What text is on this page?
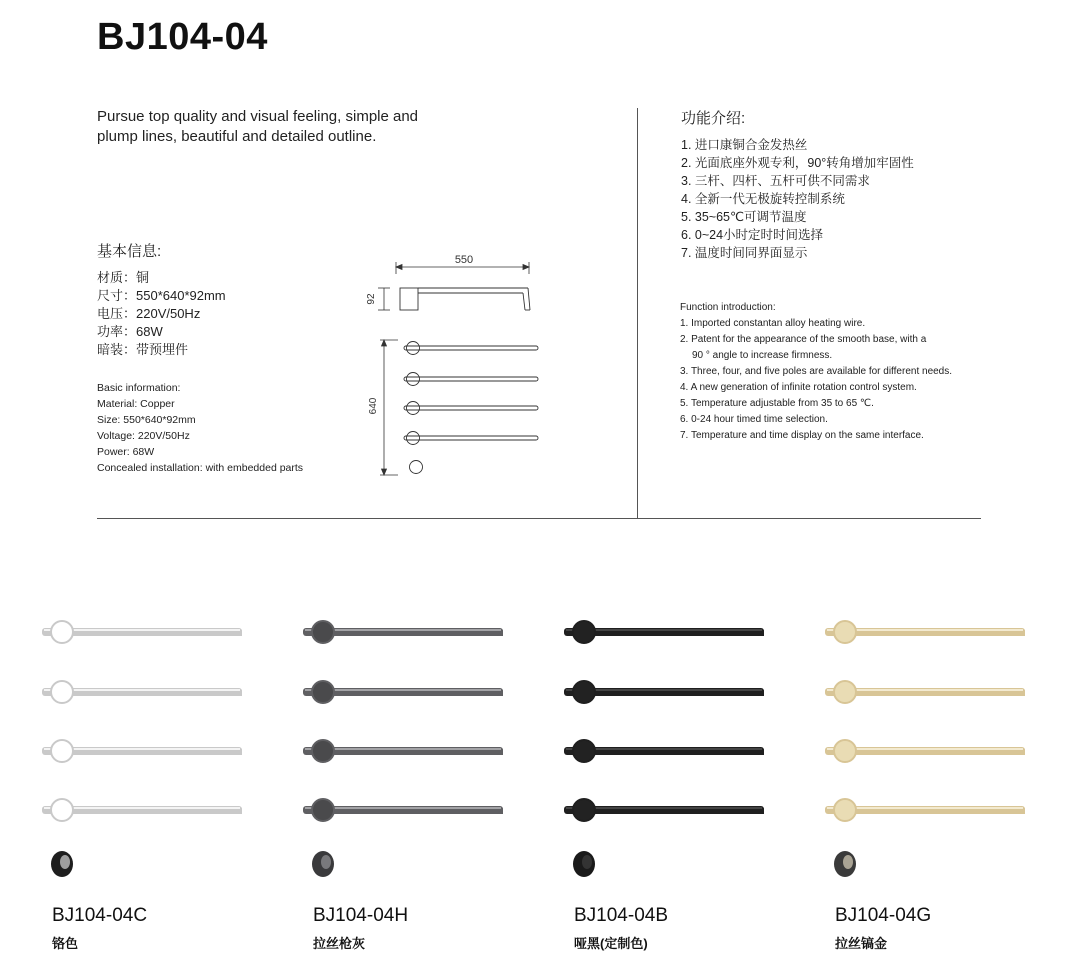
BJ104-04
Pursue top quality and visual feeling, simple and plump lines, beautiful and detailed outline.
基本信息:
材质：铜
尺寸：550*640*92mm
电压：220V/50Hz
功率：68W
暗装：带预埋件
Basic information:
Material: Copper
Size: 550*640*92mm
Voltage: 220V/50Hz
Power: 68W
Concealed installation: with embedded parts
550
92
640
功能介绍:
1. 进口康铜合金发热丝
2. 光面底座外观专利，90°转角增加牢固性
3. 三杆、四杆、五杆可供不同需求
4. 全新一代无极旋转控制系统
5. 35~65℃可调节温度
6. 0~24小时定时时间选择
7. 温度时间同界面显示
Function introduction:
1. Imported constantan alloy heating wire.
2. Patent for the appearance of the smooth base, with a
90 ° angle to increase firmness.
3. Three, four, and five poles are available for different needs.
4. A new generation of infinite rotation control system.
5. Temperature adjustable from 35 to 65 ℃.
6. 0-24 hour timed time selection.
7. Temperature and time display on the same interface.
BJ104-04C
铬色
BJ104-04H
拉丝枪灰
BJ104-04B
哑黑(定制色)
BJ104-04G
拉丝镐金
